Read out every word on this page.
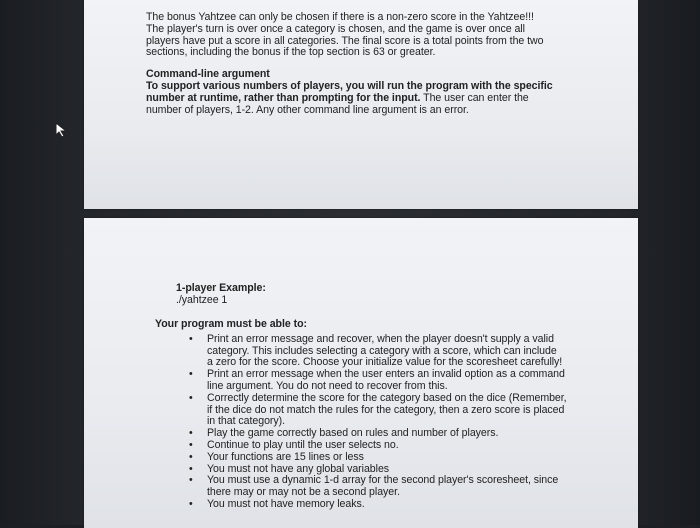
The bonus Yahtzee can only be chosen if there is a non-zero score in the Yahtzee!!!
The player's turn is over once a category is chosen, and the game is over once all
players have put a score in all categories. The final score is a total points from the two
sections, including the bonus if the top section is 63 or greater.

Command-line argument
To support various numbers of players, you will run the program with the specific
number at runtime, rather than prompting for the input. The user can enter the
number of players, 1-2. Any other command line argument is an error.
1-player Example:
./yahtzee 1
Your program must be able to:
• Print an error message and recover, when the player doesn't supply a valid
category. This includes selecting a category with a score, which can include
a zero for the score. Choose your initialize value for the scoresheet carefully!
• Print an error message when the user enters an invalid option as a command
line argument. You do not need to recover from this.
• Correctly determine the score for the category based on the dice (Remember,
if the dice do not match the rules for the category, then a zero score is placed
in that category).
• Play the game correctly based on rules and number of players.
• Continue to play until the user selects no.
• Your functions are 15 lines or less
• You must not have any global variables
• You must use a dynamic 1-d array for the second player's scoresheet, since
there may or may not be a second player.
• You must not have memory leaks.
